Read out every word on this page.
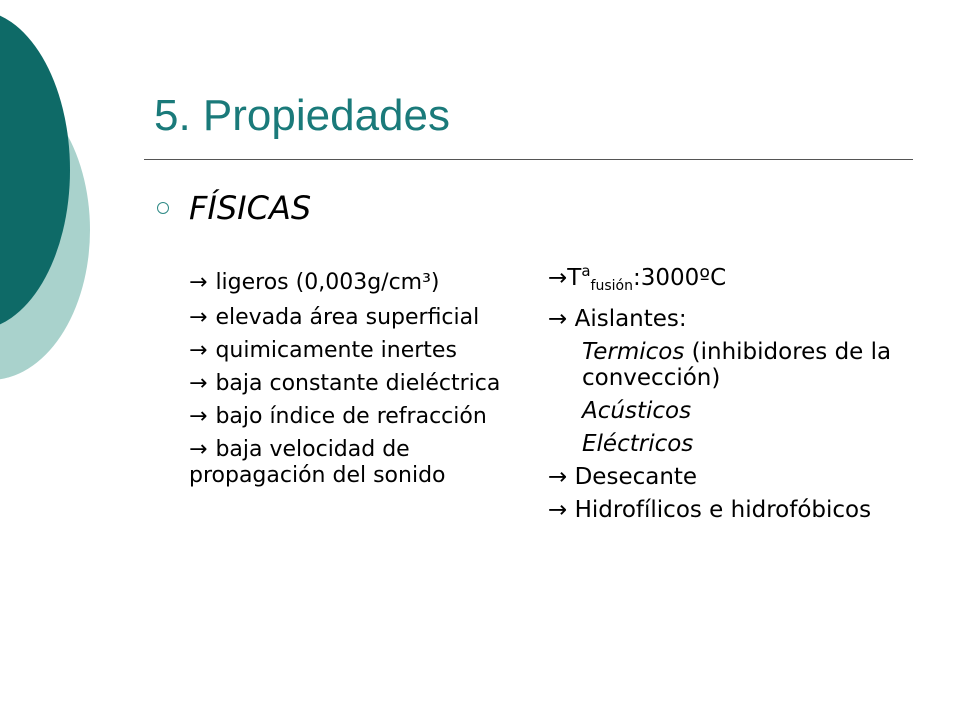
5. Propiedades
FÍSICAS
→ ligeros (0,003g/cm³)
→ elevada área superficial
→ quimicamente inertes
→ baja constante dieléctrica
→ bajo índice de refracción
→ baja velocidad de propagación del sonido
$\to T^a_{fusión}:3000ºC$
→ Aislantes:
Termicos (inhibidores de la convección)
Acústicos
Eléctricos
→ Desecante
→ Hidrofílicos e hidrofóbicos
